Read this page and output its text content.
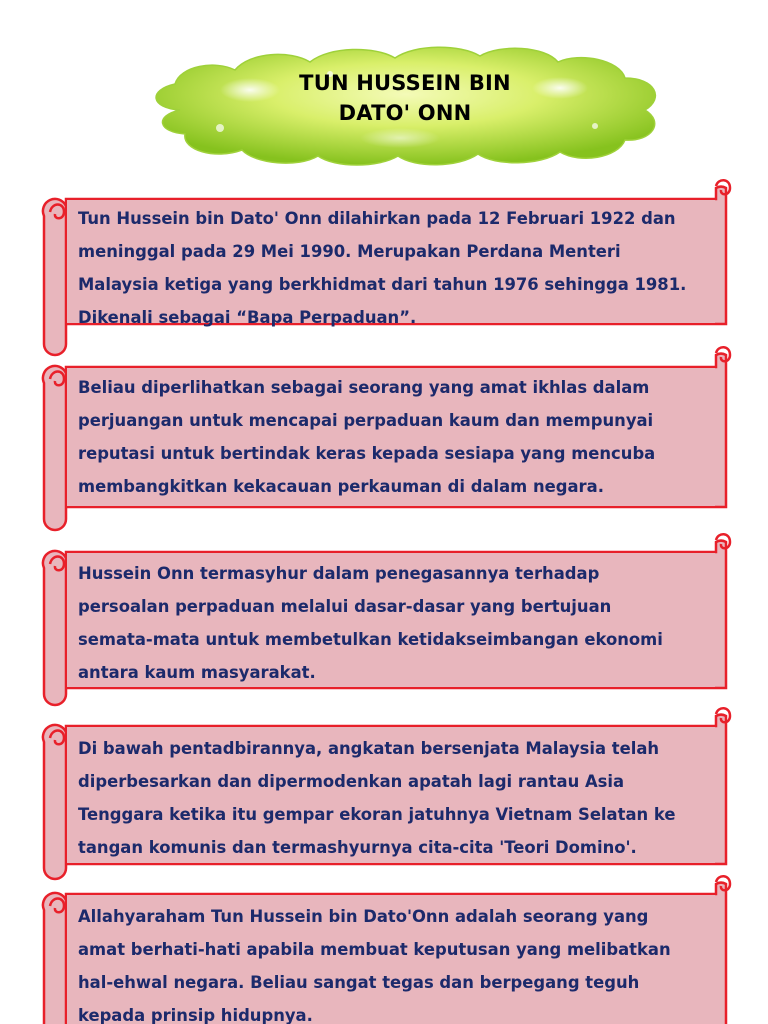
TUN HUSSEIN BIN
DATO' ONN
Tun Hussein bin Dato' Onn dilahirkan pada 12 Februari 1922 dan
meninggal pada 29 Mei 1990. Merupakan Perdana Menteri
Malaysia ketiga yang berkhidmat dari tahun 1976 sehingga 1981.
Dikenali sebagai “Bapa Perpaduan”.
Beliau diperlihatkan sebagai seorang yang amat ikhlas dalam
perjuangan untuk mencapai perpaduan kaum dan mempunyai
reputasi untuk bertindak keras kepada sesiapa yang mencuba
membangkitkan kekacauan perkauman di dalam negara.
Hussein Onn termasyhur dalam penegasannya terhadap
persoalan perpaduan melalui dasar-dasar yang bertujuan
semata-mata untuk membetulkan ketidakseimbangan ekonomi
antara kaum masyarakat.
Di bawah pentadbirannya, angkatan bersenjata Malaysia telah
diperbesarkan dan dipermodenkan apatah lagi rantau Asia
Tenggara ketika itu gempar ekoran jatuhnya Vietnam Selatan ke
tangan komunis dan termashyurnya cita-cita 'Teori Domino'.
Allahyaraham Tun Hussein bin Dato'Onn adalah seorang yang
amat berhati-hati apabila membuat keputusan yang melibatkan
hal-ehwal negara. Beliau sangat tegas dan berpegang teguh
kepada prinsip hidupnya.
